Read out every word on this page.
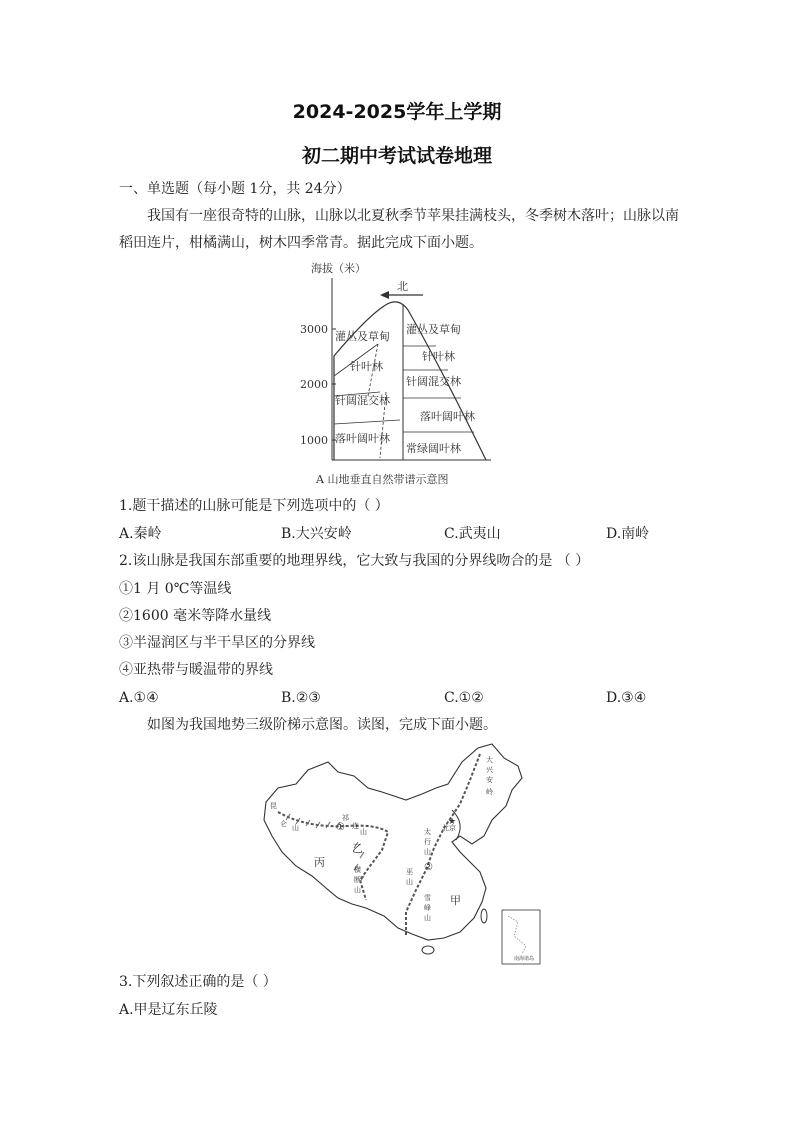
2024-2025学年上学期
初二期中考试试卷地理
一、单选题（每小题 1分，共 24分）
我国有一座很奇特的山脉，山脉以北夏秋季节苹果挂满枝头，冬季树木落叶；山脉以南
稻田连片，柑橘满山，树木四季常青。据此完成下面小题。
海拔（米）
3000
2000
1000
北
灌丛及草甸
针叶林
针阔混交林
落叶阔叶林
灌丛及草甸
针叶林
针阔混交林
落叶阔叶林
常绿阔叶林
A 山地垂直自然带谱示意图
1.题干描述的山脉可能是下列选项中的（ ）
A.秦岭	B.大兴安岭	C.武夷山	D.南岭
2.该山脉是我国东部重要的地理界线，它大致与我国的分界线吻合的是 （ ）
①1 月 0℃等温线
②1600 毫米等降水量线
③半湿润区与半干旱区的分界线
④亚热带与暖温带的界线
A.①④	B.②③	C.①②	D.③④
如图为我国地势三级阶梯示意图。读图，完成下面小题。
大
兴
安
岭
昆
仑 山
祁
连
山
①
乙
丙
北京
★
太
行
山
横
断
山
巫
山
雪
峰
山
甲
②
南海诸岛
3.下列叙述正确的是（ ）
A.甲是辽东丘陵
